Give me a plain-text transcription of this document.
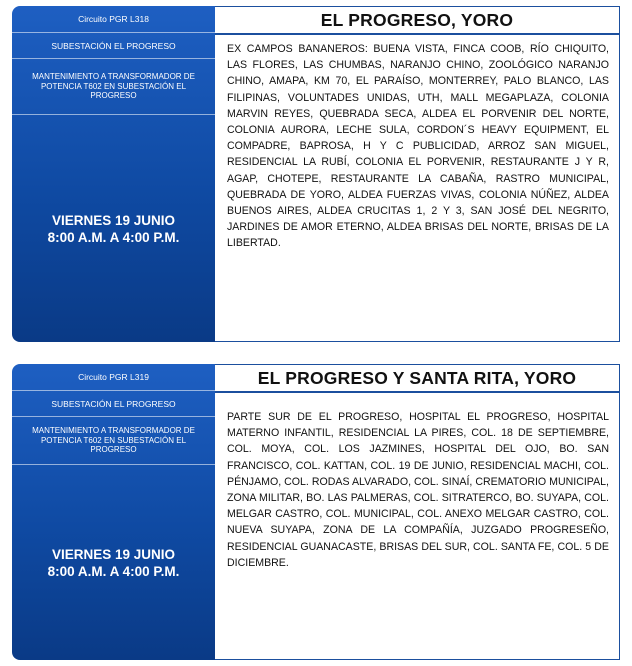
Circuito PGR L318
SUBESTACIÓN EL PROGRESO
MANTENIMIENTO A TRANSFORMADOR DE POTENCIA T602 EN SUBESTACIÓN EL PROGRESO
VIERNES 19 JUNIO
8:00 A.M. A 4:00 P.M.
EL PROGRESO, YORO
EX CAMPOS BANANEROS: BUENA VISTA, FINCA COOB, RÍO CHIQUITO, LAS FLORES, LAS CHUMBAS, NARANJO CHINO, ZOOLÓGICO NARANJO CHINO, AMAPA, KM 70, EL PARAÍSO, MONTERREY, PALO BLANCO, LAS FILIPINAS, VOLUNTADES UNIDAS, UTH, MALL MEGAPLAZA, COLONIA MARVIN REYES, QUEBRADA SECA, ALDEA EL PORVENIR DEL NORTE, COLONIA AURORA, LECHE SULA, CORDON´S HEAVY EQUIPMENT, EL COMPADRE, BAPROSA, H Y C PUBLICIDAD, ARROZ SAN MIGUEL, RESIDENCIAL LA RUBÍ, COLONIA EL PORVENIR, RESTAURANTE J Y R, AGAP, CHOTEPE, RESTAURANTE LA CABAÑA, RASTRO MUNICIPAL, QUEBRADA DE YORO, ALDEA FUERZAS VIVAS, COLONIA NÚÑEZ, ALDEA BUENOS AIRES, ALDEA CRUCITAS 1, 2 Y 3, SAN JOSÉ DEL NEGRITO, JARDINES DE AMOR ETERNO, ALDEA BRISAS DEL NORTE, BRISAS DE LA LIBERTAD.
Circuito PGR L319
SUBESTACIÓN EL PROGRESO
MANTENIMIENTO A TRANSFORMADOR DE POTENCIA T602 EN SUBESTACIÓN EL PROGRESO
VIERNES 19 JUNIO
8:00 A.M. A 4:00 P.M.
EL PROGRESO Y SANTA RITA, YORO
PARTE SUR DE EL PROGRESO, HOSPITAL EL PROGRESO, HOSPITAL MATERNO INFANTIL, RESIDENCIAL LA PIRES, COL. 18 DE SEPTIEMBRE, COL. MOYA, COL. LOS JAZMINES, HOSPITAL DEL OJO, BO. SAN FRANCISCO, COL. KATTAN, COL. 19 DE JUNIO, RESIDENCIAL MACHI, COL. PÉNJAMO, COL. RODAS ALVARADO, COL. SINAÍ, CREMATORIO MUNICIPAL, ZONA MILITAR, BO. LAS PALMERAS, COL. SITRATERCO, BO. SUYAPA, COL. MELGAR CASTRO, COL. MUNICIPAL, COL. ANEXO MELGAR CASTRO, COL. NUEVA SUYAPA, ZONA DE LA COMPAÑÍA, JUZGADO PROGRESEÑO, RESIDENCIAL GUANACASTE, BRISAS DEL SUR, COL. SANTA FE, COL. 5 DE DICIEMBRE.
